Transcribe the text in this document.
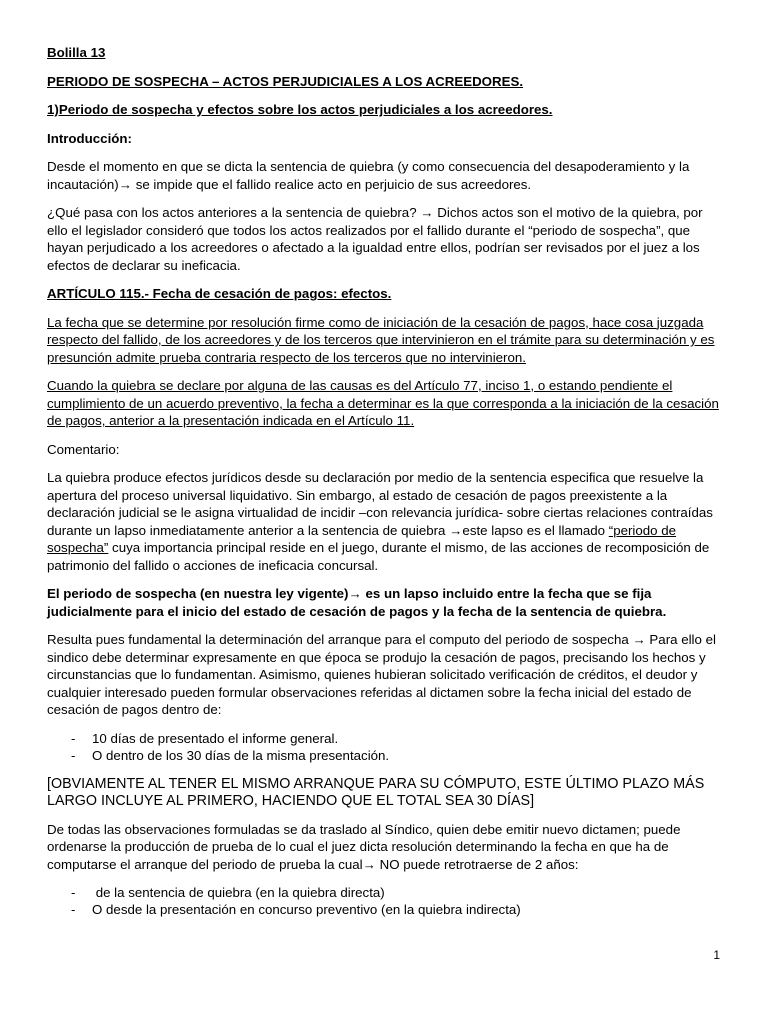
Bolilla 13

PERIODO DE SOSPECHA – ACTOS PERJUDICIALES A LOS ACREEDORES.

1)Periodo de sospecha y efectos sobre los actos perjudiciales a los acreedores.

Introducción:

Desde el momento en que se dicta la sentencia de quiebra (y como consecuencia del desapoderamiento y la incautación)→ se impide que el fallido realice acto en perjuicio de sus acreedores.

¿Qué pasa con los actos anteriores a la sentencia de quiebra? → Dichos actos son el motivo de la quiebra, por ello el legislador consideró que todos los actos realizados por el fallido durante el “periodo de sospecha”, que hayan perjudicado a los acreedores o afectado a la igualdad entre ellos, podrían ser revisados por el juez a los efectos de declarar su ineficacia.

ARTÍCULO 115.- Fecha de cesación de pagos: efectos.

La fecha que se determine por resolución firme como de iniciación de la cesación de pagos, hace cosa juzgada respecto del fallido, de los acreedores y de los terceros que intervinieron en el trámite para su determinación y es presunción admite prueba contraria respecto de los terceros que no intervinieron.

Cuando la quiebra se declare por alguna de las causas es del Artículo 77, inciso 1, o estando pendiente el cumplimiento de un acuerdo preventivo, la fecha a determinar es la que corresponda a la iniciación de la cesación de pagos, anterior a la presentación indicada en el Artículo 11.

Comentario:

La quiebra produce efectos jurídicos desde su declaración por medio de la sentencia especifica que resuelve la apertura del proceso universal liquidativo. Sin embargo, al estado de cesación de pagos preexistente a la declaración judicial se le asigna virtualidad de incidir –con relevancia jurídica- sobre ciertas relaciones contraídas durante un lapso inmediatamente anterior a la sentencia de quiebra →este lapso es el llamado “periodo de sospecha” cuya importancia principal reside en el juego, durante el mismo, de las acciones de recomposición de patrimonio del fallido o acciones de ineficacia concursal.

El periodo de sospecha (en nuestra ley vigente)→ es un lapso incluido entre la fecha que se fija judicialmente para el inicio del estado de cesación de pagos y la fecha de la sentencia de quiebra.

Resulta pues fundamental la determinación del arranque para el computo del periodo de sospecha → Para ello el sindico debe determinar expresamente en que época se produjo la cesación de pagos, precisando los hechos y circunstancias que lo fundamentan. Asimismo, quienes hubieran solicitado verificación de créditos, el deudor y cualquier interesado pueden formular observaciones referidas al dictamen sobre la fecha inicial del estado de cesación de pagos dentro de:

- 10 días de presentado el informe general.
- O dentro de los 30 días de la misma presentación.

[OBVIAMENTE AL TENER EL MISMO ARRANQUE PARA SU CÓMPUTO, ESTE ÚLTIMO PLAZO MÁS LARGO INCLUYE AL PRIMERO, HACIENDO QUE EL TOTAL SEA 30 DÍAS]

De todas las observaciones formuladas se da traslado al Síndico, quien debe emitir nuevo dictamen; puede ordenarse la producción de prueba de lo cual el juez dicta resolución determinando la fecha en que ha de computarse el arranque del periodo de prueba la cual→ NO puede retrotraerse de 2 años:

- de la sentencia de quiebra (en la quiebra directa)
- O desde la presentación en concurso preventivo (en la quiebra indirecta)
1
